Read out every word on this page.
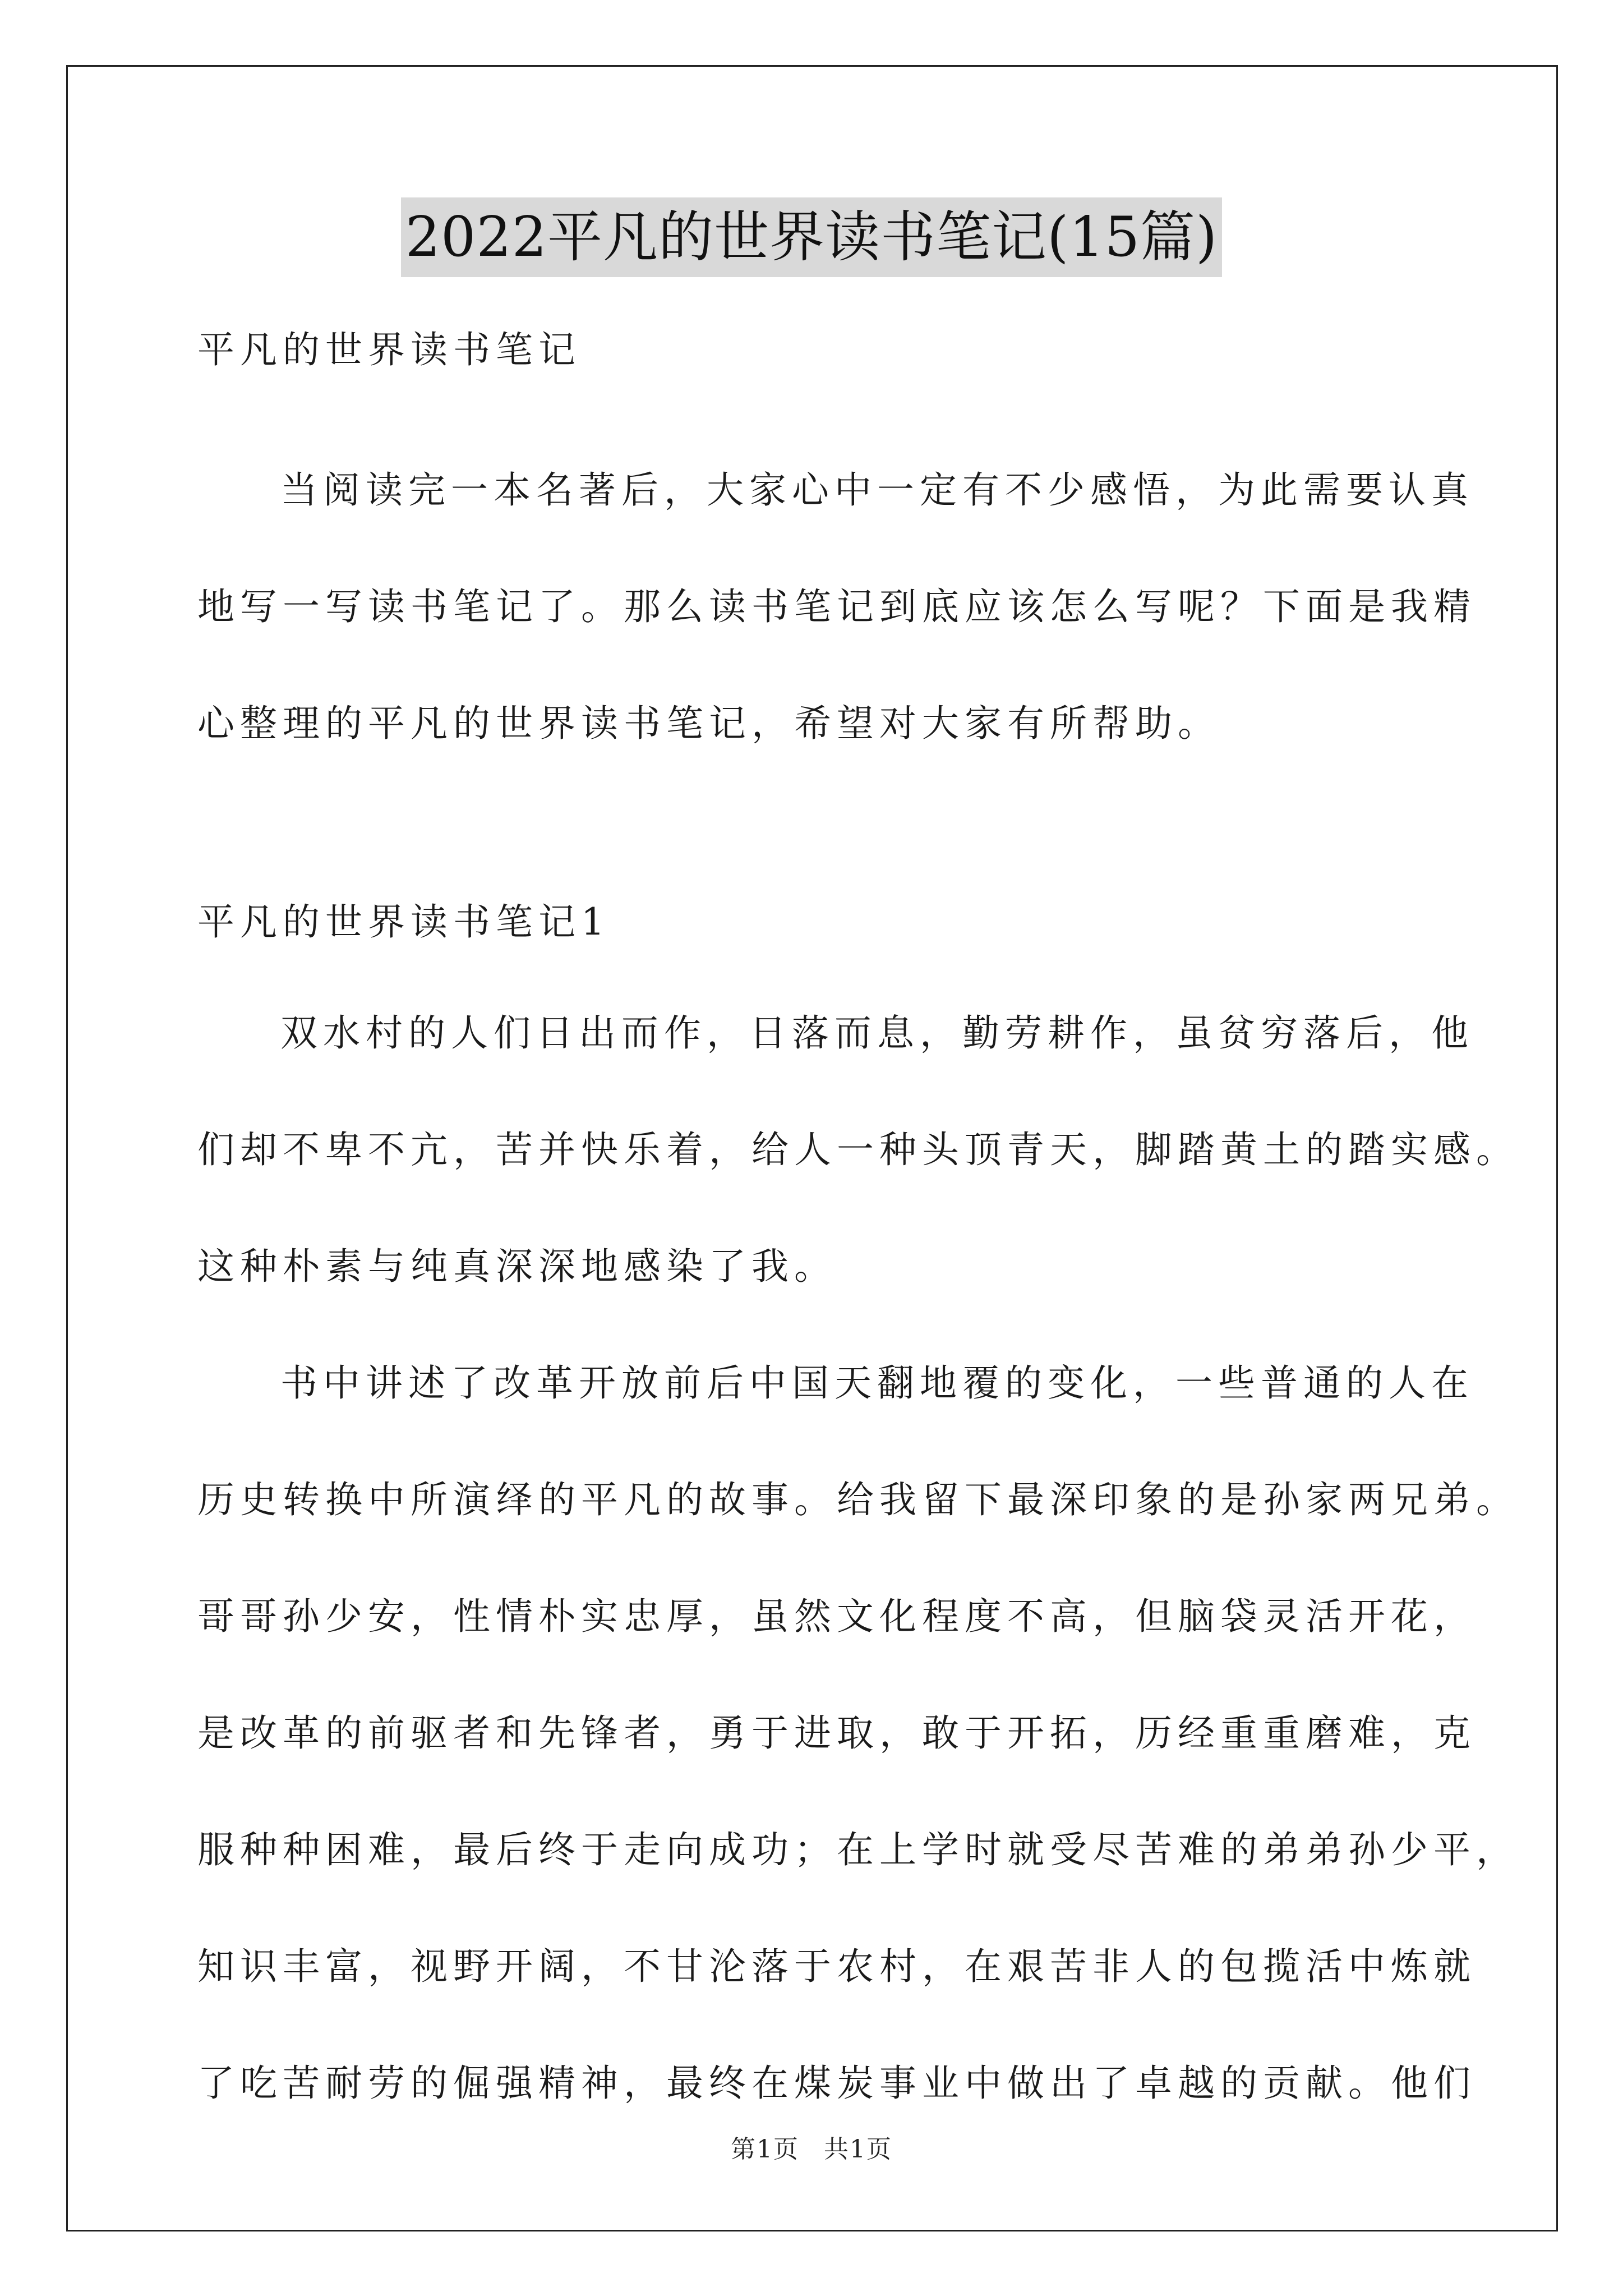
2022平凡的世界读书笔记(15篇)
平凡的世界读书笔记
当阅读完一本名著后，大家心中一定有不少感悟，为此需要认真
地写一写读书笔记了。那么读书笔记到底应该怎么写呢？下面是我精
心整理的平凡的世界读书笔记，希望对大家有所帮助。
平凡的世界读书笔记1
双水村的人们日出而作，日落而息，勤劳耕作，虽贫穷落后，他
们却不卑不亢，苦并快乐着，给人一种头顶青天，脚踏黄土的踏实感。
这种朴素与纯真深深地感染了我。
书中讲述了改革开放前后中国天翻地覆的变化，一些普通的人在
历史转换中所演绎的平凡的故事。给我留下最深印象的是孙家两兄弟。
哥哥孙少安，性情朴实忠厚，虽然文化程度不高，但脑袋灵活开花，
是改革的前驱者和先锋者，勇于进取，敢于开拓，历经重重磨难，克
服种种困难，最后终于走向成功；在上学时就受尽苦难的弟弟孙少平，
知识丰富，视野开阔，不甘沦落于农村，在艰苦非人的包揽活中炼就
了吃苦耐劳的倔强精神，最终在煤炭事业中做出了卓越的贡献。他们
第1页 共1页
